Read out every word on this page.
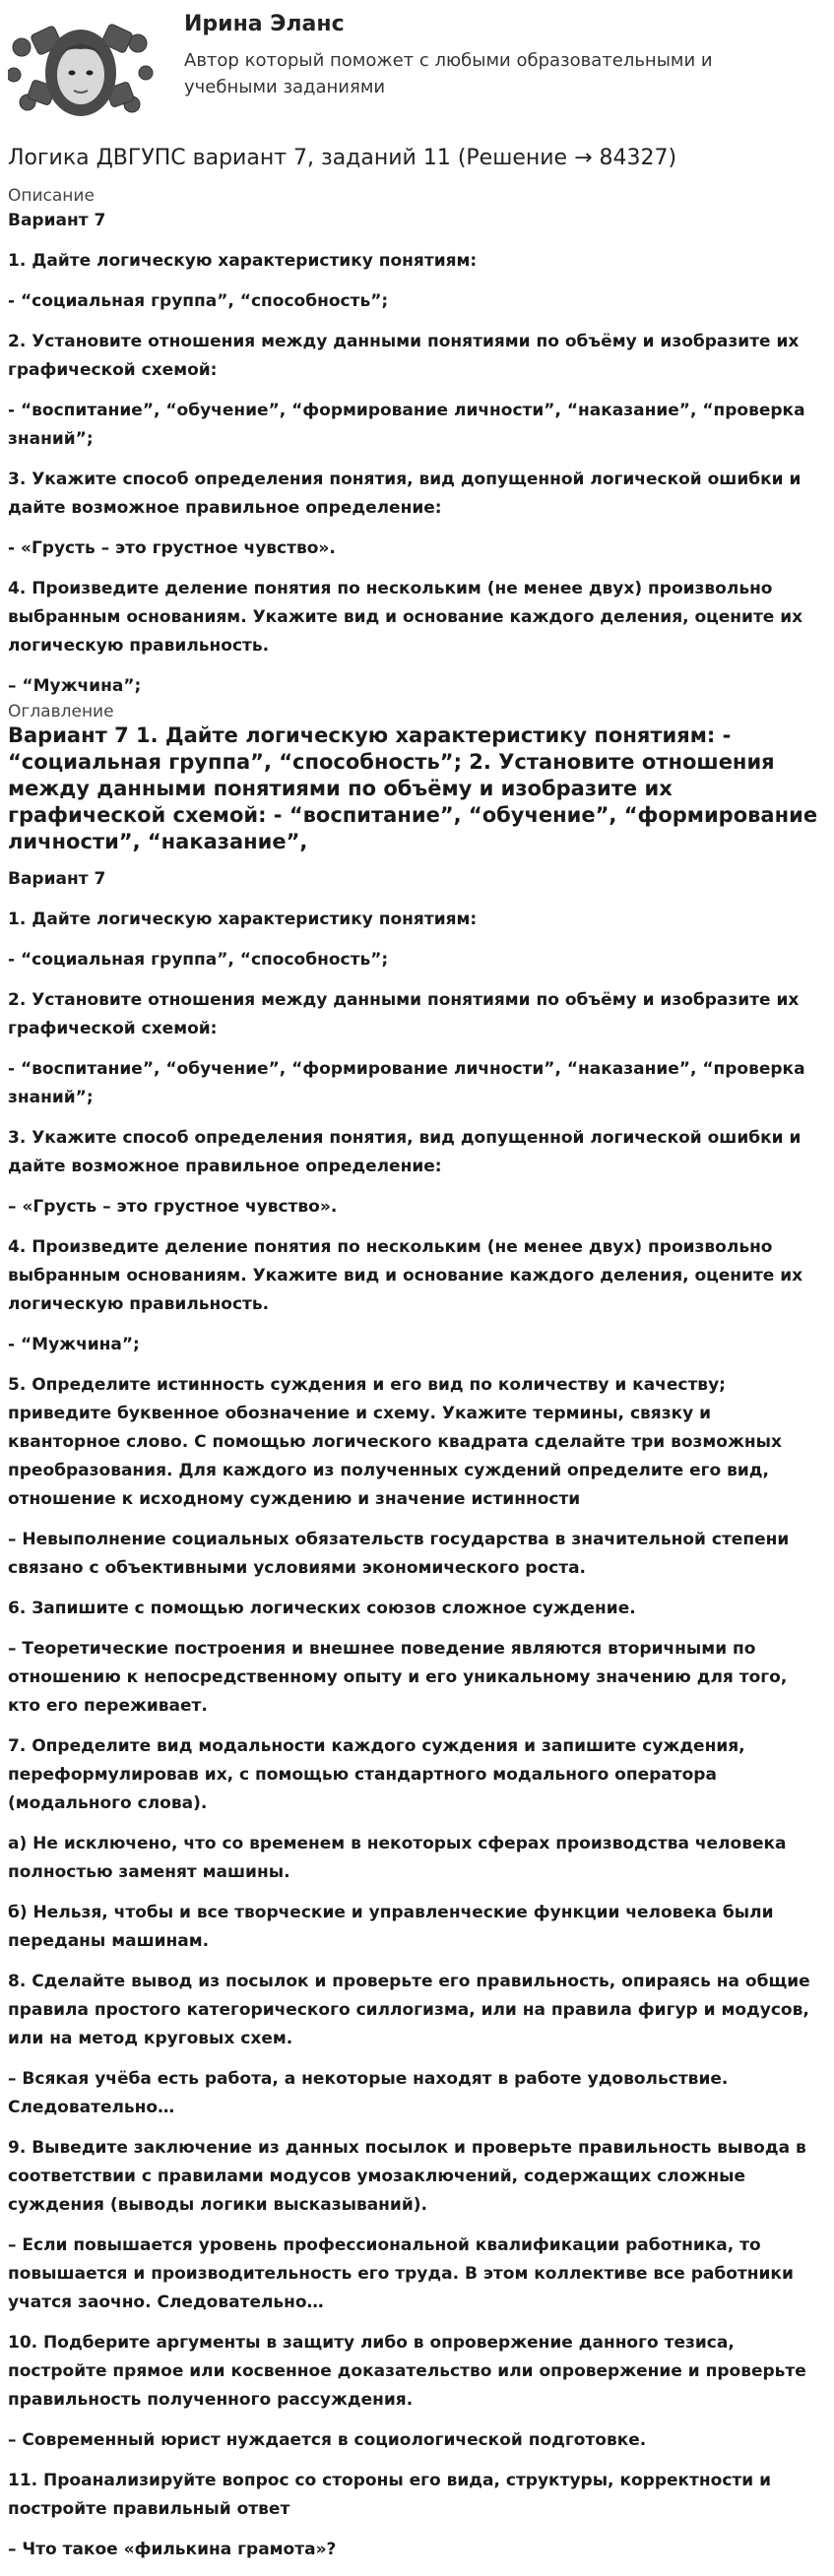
Ирина Эланс
Автор который поможет с любыми образовательными и учебными заданиями
Логика ДВГУПС вариант 7, заданий 11 (Решение → 84327)

Описание

Вариант 7

1. Дайте логическую характеристику понятиям:

- “социальная группа”, “способность”;

2. Установите отношения между данными понятиями по объёму и изобразите их графической схемой:

- “воспитание”, “обучение”, “формирование личности”, “наказание”, “проверка знаний”;

3. Укажите способ определения понятия, вид допущенной логической ошибки и дайте возможное правильное определение:

- «Грусть – это грустное чувство».

4. Произведите деление понятия по нескольким (не менее двух) произвольно выбранным основаниям. Укажите вид и основание каждого деления, оцените их логическую правильность.

– “Мужчина”;

Оглавление

Вариант 7 1. Дайте логическую характеристику понятиям: - “социальная группа”, “способность”; 2. Установите отношения между данными понятиями по объёму и изобразите их графической схемой: - “воспитание”, “обучение”, “формирование личности”, “наказание”,

Вариант 7

1. Дайте логическую характеристику понятиям:

- “социальная группа”, “способность”;

2. Установите отношения между данными понятиями по объёму и изобразите их графической схемой:

- “воспитание”, “обучение”, “формирование личности”, “наказание”, “проверка знаний”;

3. Укажите способ определения понятия, вид допущенной логической ошибки и дайте возможное правильное определение:

– «Грусть – это грустное чувство».

4. Произведите деление понятия по нескольким (не менее двух) произвольно выбранным основаниям. Укажите вид и основание каждого деления, оцените их логическую правильность.

- “Мужчина”;

5. Определите истинность суждения и его вид по количеству и качеству; приведите буквенное обозначение и схему. Укажите термины, связку и кванторное слово. С помощью логического квадрата сделайте три возможных преобразования. Для каждого из полученных суждений определите его вид, отношение к исходному суждению и значение истинности

– Невыполнение социальных обязательств государства в значительной степени связано с объективными условиями экономического роста.

6. Запишите с помощью логических союзов сложное суждение.

– Теоретические построения и внешнее поведение являются вторичными по отношению к непосредственному опыту и его уникальному значению для того, кто его переживает.

7. Определите вид модальности каждого суждения и запишите суждения, переформулировав их, с помощью стандартного модального оператора (модального слова).

а) Не исключено, что со временем в некоторых сферах производства человека полностью заменят машины.

б) Нельзя, чтобы и все творческие и управленческие функции человека были переданы машинам.

8. Сделайте вывод из посылок и проверьте его правильность, опираясь на общие правила простого категорического силлогизма, или на правила фигур и модусов, или на метод круговых схем.

– Всякая учёба есть работа, а некоторые находят в работе удовольствие. Следовательно…

9. Выведите заключение из данных посылок и проверьте правильность вывода в соответствии с правилами модусов умозаключений, содержащих сложные суждения (выводы логики высказываний).

– Если повышается уровень профессиональной квалификации работника, то повышается и производительность его труда. В этом коллективе все работники учатся заочно. Следовательно…

10. Подберите аргументы в защиту либо в опровержение данного тезиса, постройте прямое или косвенное доказательство или опровержение и проверьте правильность полученного рассуждения.

– Современный юрист нуждается в социологической подготовке.

11. Проанализируйте вопрос со стороны его вида, структуры, корректности и постройте правильный ответ

– Что такое «филькина грамота»?
